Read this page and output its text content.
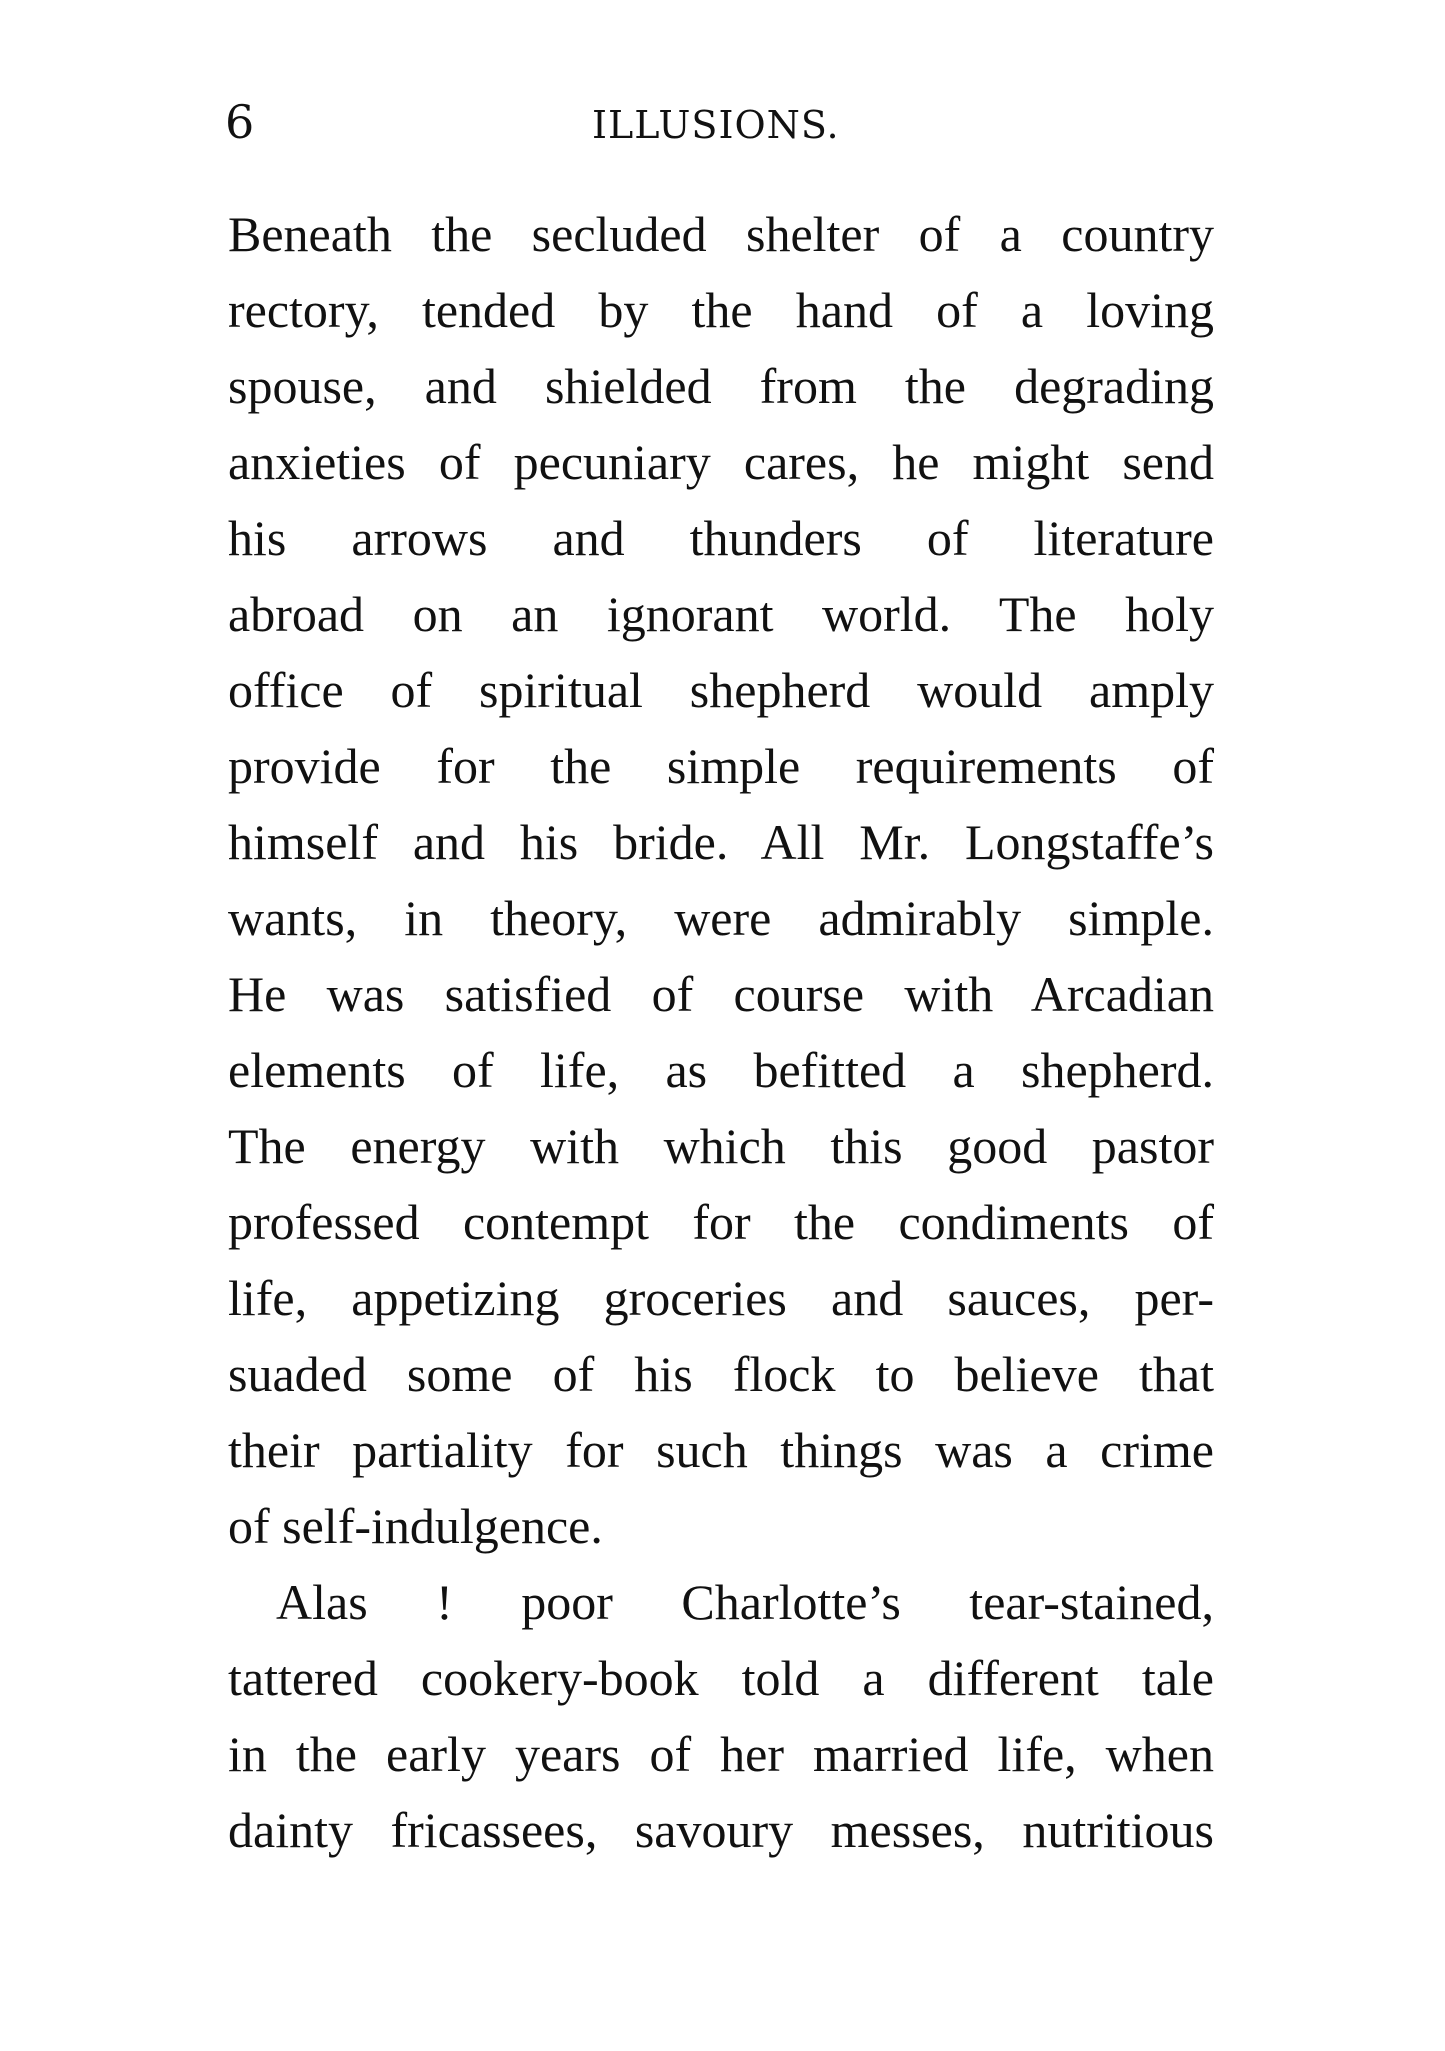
6	ILLUSIONS.
Beneath the secluded shelter of a country
rectory, tended by the hand of a loving
spouse, and shielded from the degrading
anxieties of pecuniary cares, he might send
his arrows and thunders of literature
abroad on an ignorant world. The holy
office of spiritual shepherd would amply
provide for the simple requirements of
himself and his bride. All Mr. Longstaffe’s
wants, in theory, were admirably simple.
He was satisfied of course with Arcadian
elements of life, as befitted a shepherd.
The energy with which this good pastor
professed contempt for the condiments of
life, appetizing groceries and sauces, per-
suaded some of his flock to believe that
their partiality for such things was a crime
of self-indulgence.
Alas ! poor Charlotte’s tear-stained,
tattered cookery-book told a different tale
in the early years of her married life, when
dainty fricassees, savoury messes, nutritious
